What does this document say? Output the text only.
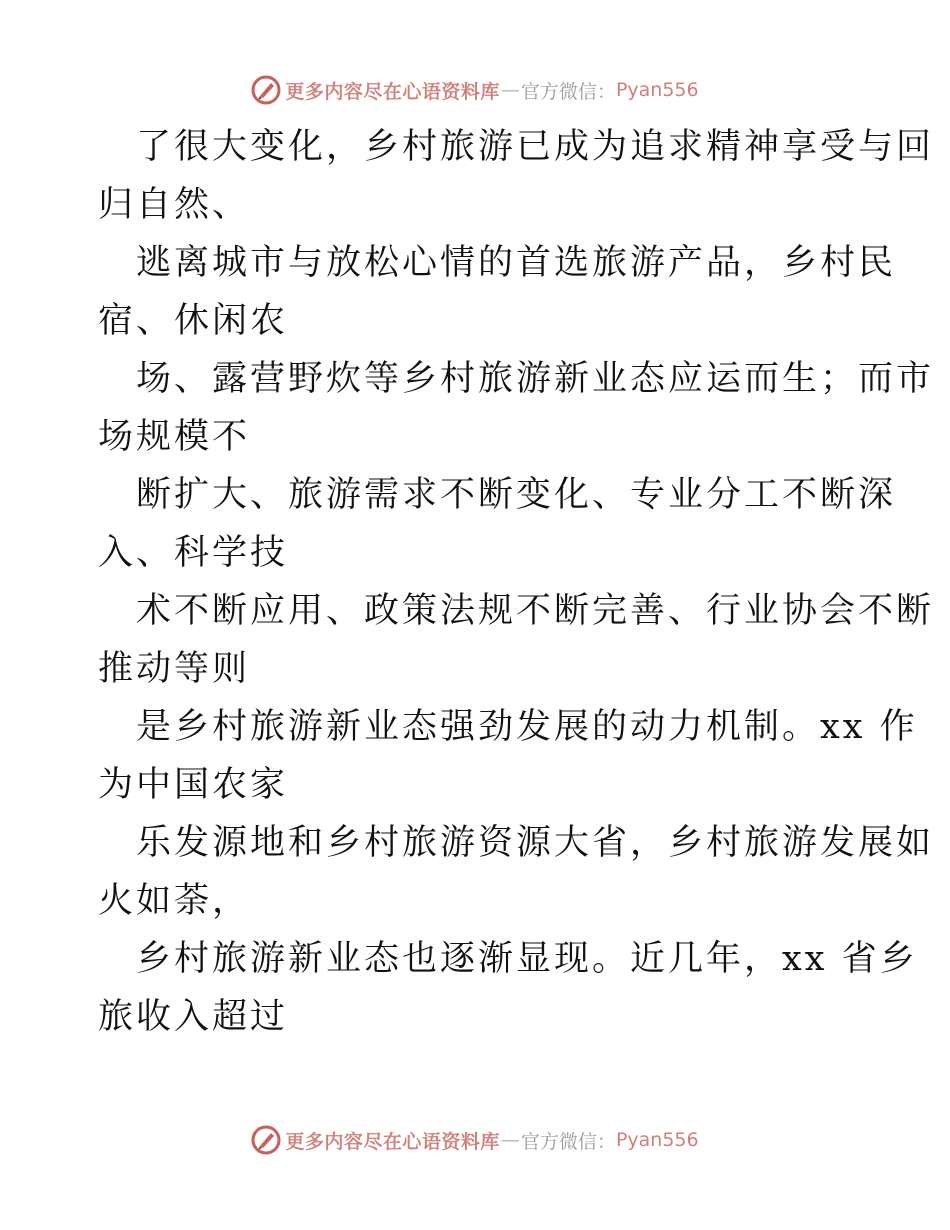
更多内容尽在心语资料库 — 官方微信： Pyan556
了很大变化，乡村旅游已成为追求精神享受与回
归自然、
逃离城市与放松心情的首选旅游产品，乡村民
宿、休闲农
场、露营野炊等乡村旅游新业态应运而生；而市
场规模不
断扩大、旅游需求不断变化、专业分工不断深
入、科学技
术不断应用、政策法规不断完善、行业协会不断
推动等则
是乡村旅游新业态强劲发展的动力机制。xx 作
为中国农家
乐发源地和乡村旅游资源大省，乡村旅游发展如
火如荼，
乡村旅游新业态也逐渐显现。近几年，xx 省乡
旅收入超过
更多内容尽在心语资料库 — 官方微信： Pyan556
